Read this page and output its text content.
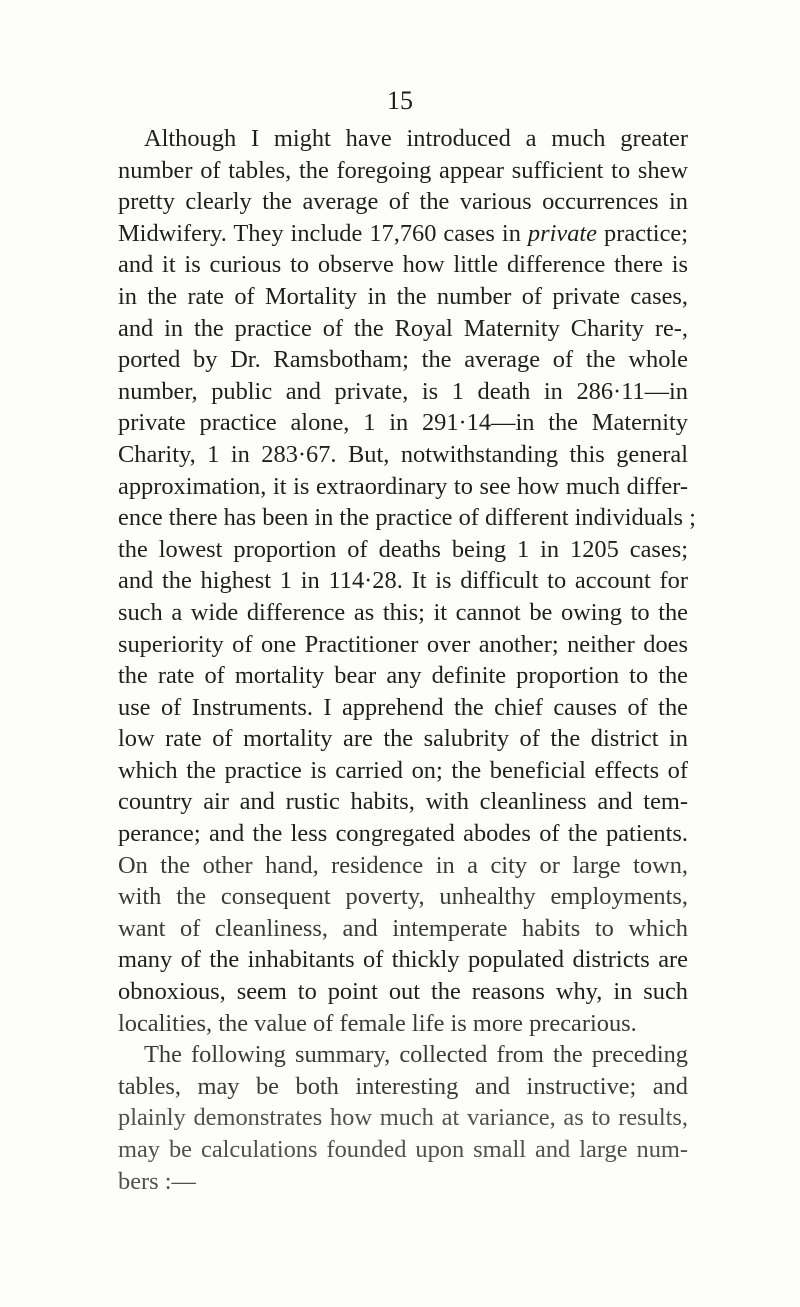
15
Although I might have introduced a much greater
number of tables, the foregoing appear sufficient to shew
pretty clearly the average of the various occurrences in
Midwifery. They include 17,760 cases in private practice;
and it is curious to observe how little difference there is
in the rate of Mortality in the number of private cases,
and in the practice of the Royal Maternity Charity re-,
ported by Dr. Ramsbotham; the average of the whole
number, public and private, is 1 death in 286·11—in
private practice alone, 1 in 291·14—in the Maternity
Charity, 1 in 283·67. But, notwithstanding this general
approximation, it is extraordinary to see how much differ-
ence there has been in the practice of different individuals ;
the lowest proportion of deaths being 1 in 1205 cases;
and the highest 1 in 114·28. It is difficult to account for
such a wide difference as this; it cannot be owing to the
superiority of one Practitioner over another; neither does
the rate of mortality bear any definite proportion to the
use of Instruments. I apprehend the chief causes of the
low rate of mortality are the salubrity of the district in
which the practice is carried on; the beneficial effects of
country air and rustic habits, with cleanliness and tem-
perance; and the less congregated abodes of the patients.
On the other hand, residence in a city or large town,
with the consequent poverty, unhealthy employments,
want of cleanliness, and intemperate habits to which
many of the inhabitants of thickly populated districts are
obnoxious, seem to point out the reasons why, in such
localities, the value of female life is more precarious.
The following summary, collected from the preceding
tables, may be both interesting and instructive; and
plainly demonstrates how much at variance, as to results,
may be calculations founded upon small and large num-
bers :—
